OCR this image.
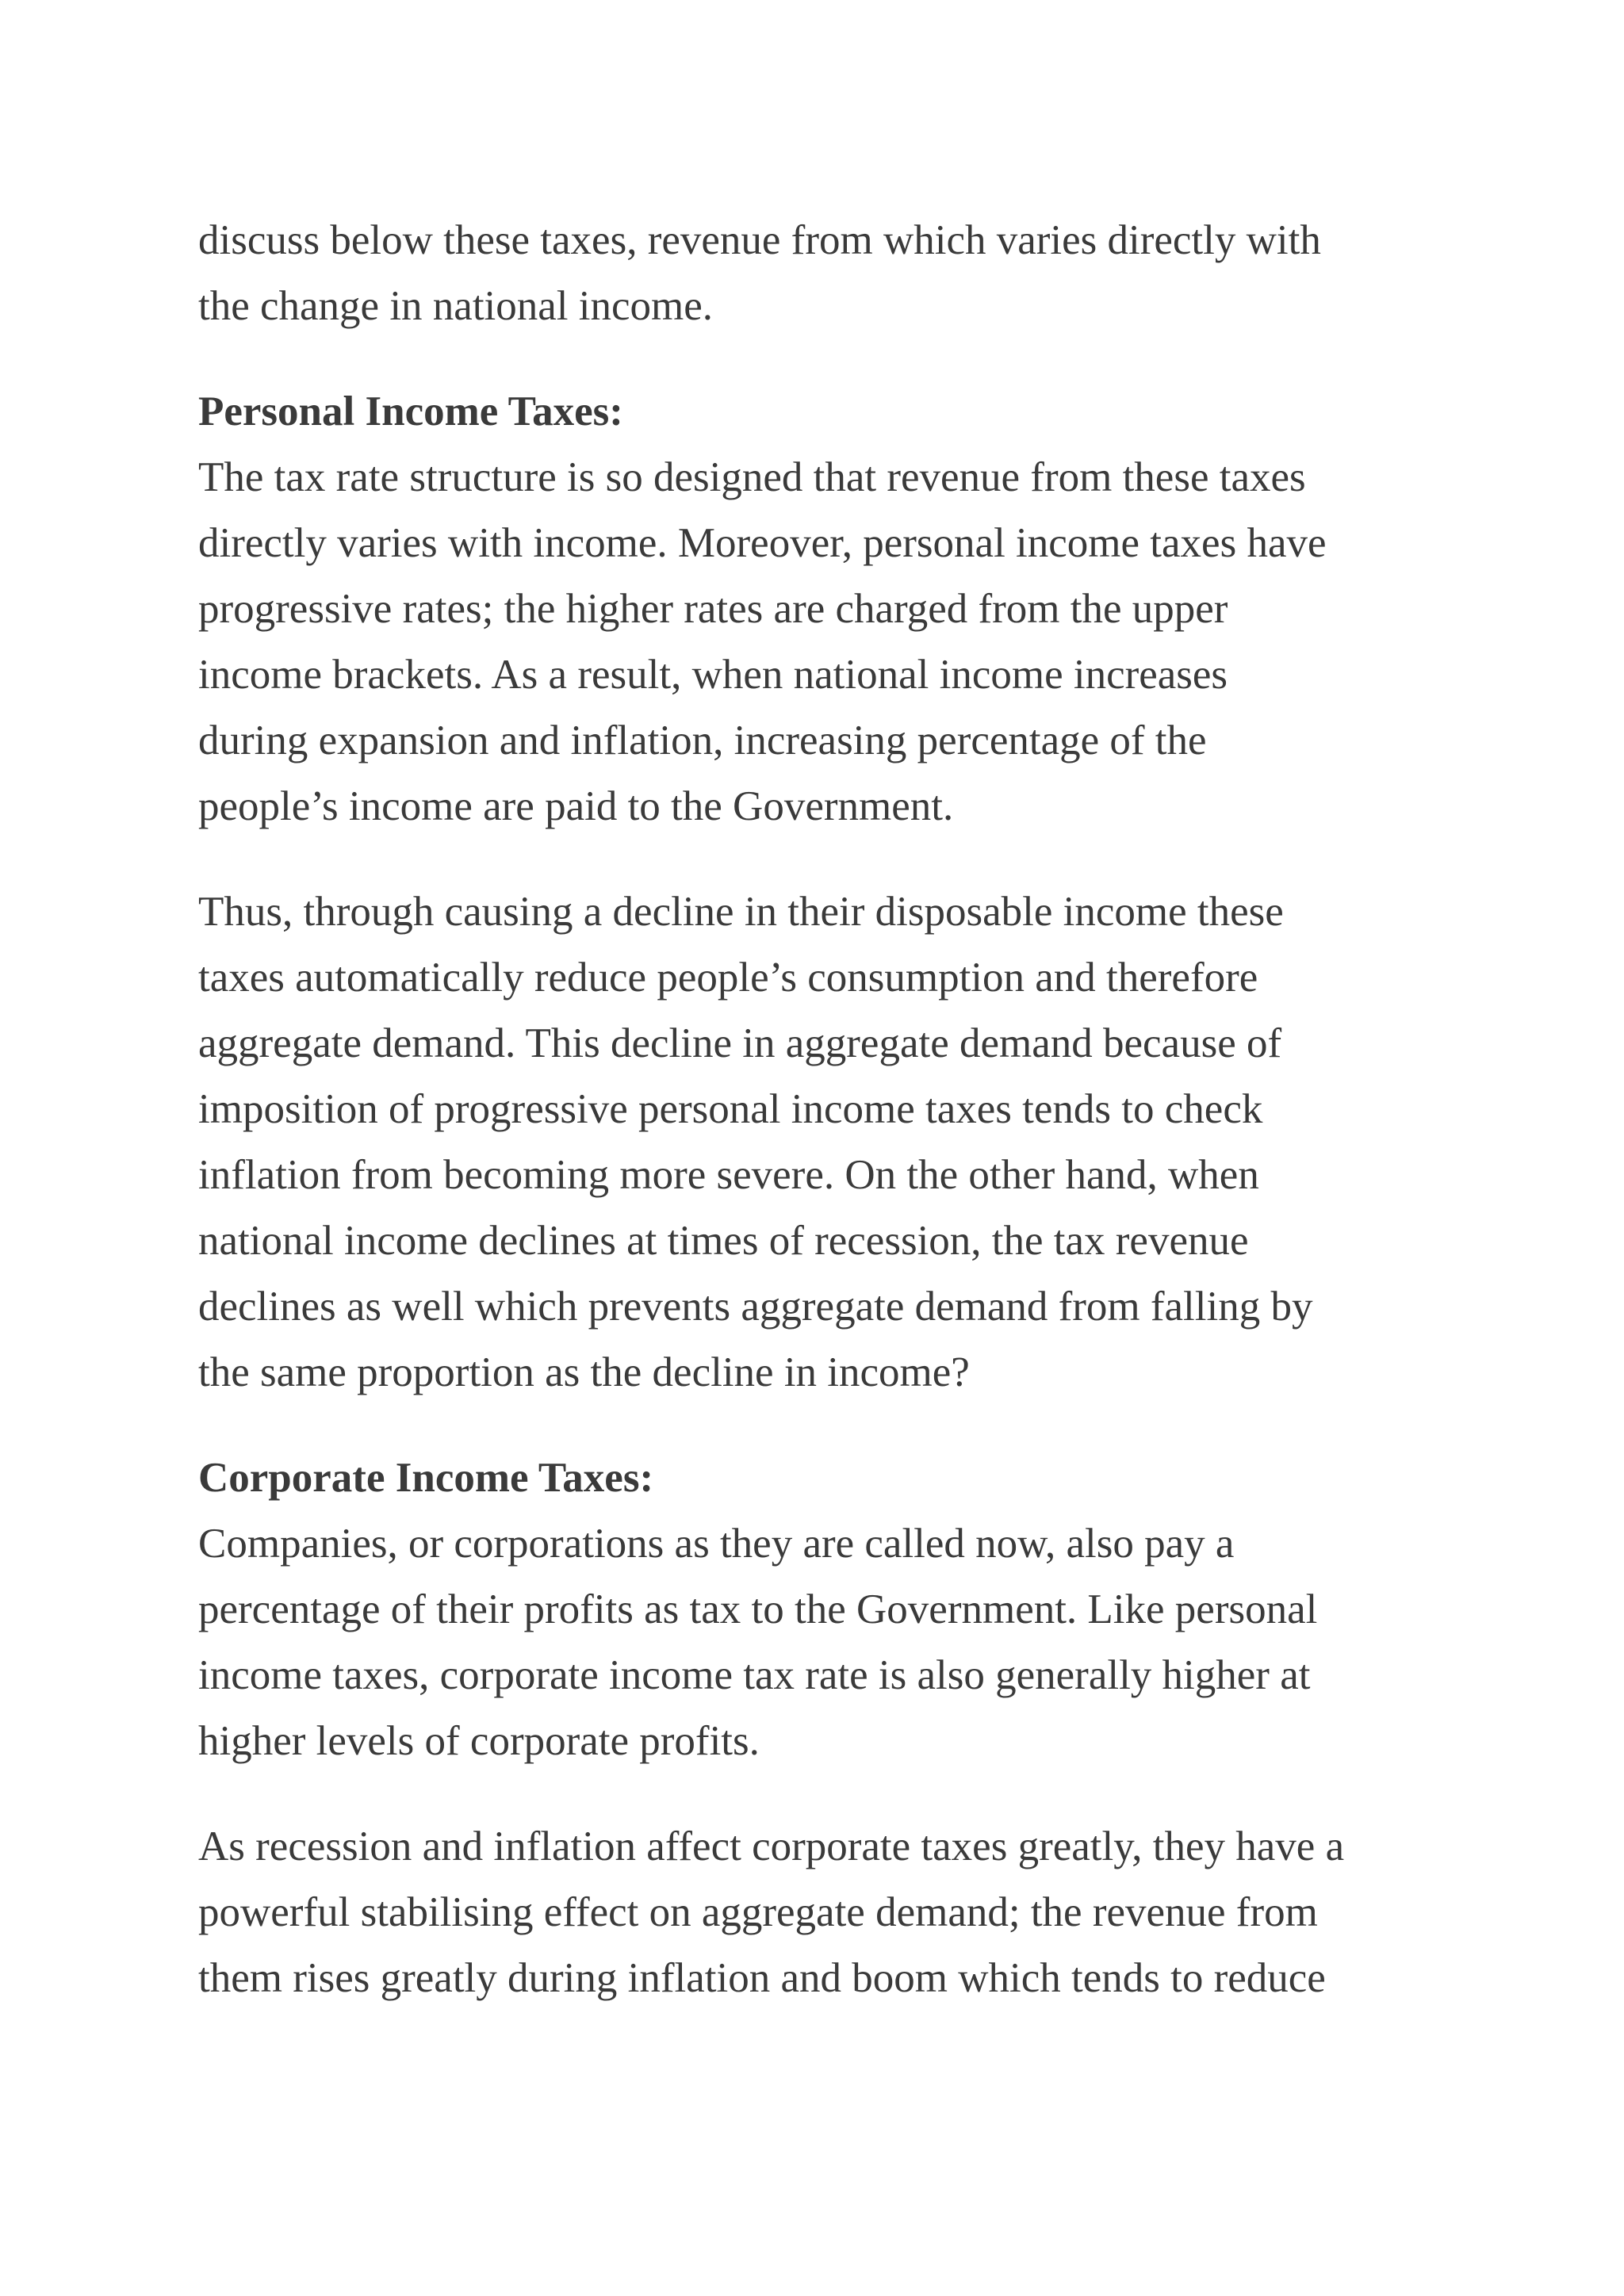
discuss below these taxes, revenue from which varies directly with
the change in national income.
Personal Income Taxes:
The tax rate structure is so designed that revenue from these taxes
directly varies with income. Moreover, personal income taxes have
progressive rates; the higher rates are charged from the upper
income brackets. As a result, when national income increases
during expansion and inflation, increasing percentage of the
people’s income are paid to the Government.
Thus, through causing a decline in their disposable income these
taxes automatically reduce people’s consumption and therefore
aggregate demand. This decline in aggregate demand because of
imposition of progressive personal income taxes tends to check
inflation from becoming more severe. On the other hand, when
national income declines at times of recession, the tax revenue
declines as well which prevents aggregate demand from falling by
the same proportion as the decline in income?
Corporate Income Taxes:
Companies, or corporations as they are called now, also pay a
percentage of their profits as tax to the Government. Like personal
income taxes, corporate income tax rate is also generally higher at
higher levels of corporate profits.
As recession and inflation affect corporate taxes greatly, they have a
powerful stabilising effect on aggregate demand; the revenue from
them rises greatly during inflation and boom which tends to reduce
